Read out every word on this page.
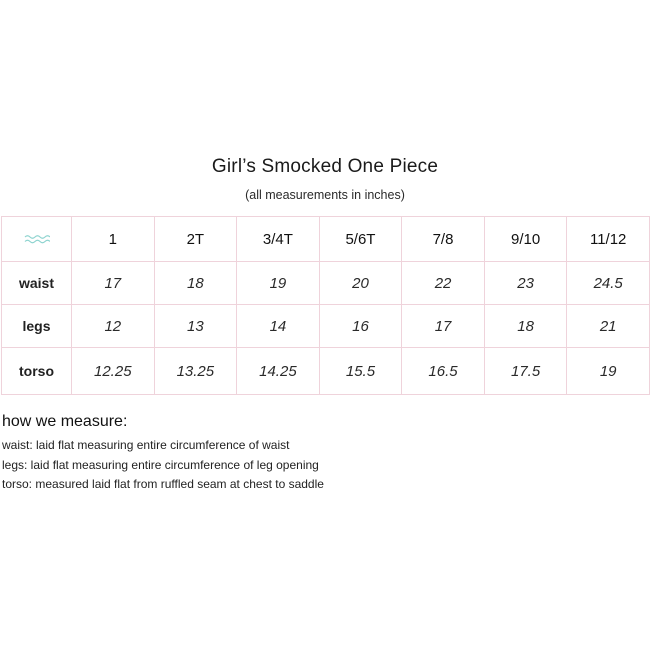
Girl’s Smocked One Piece
(all measurements in inches)
	1	2T	3/4T	5/6T	7/8	9/10	11/12
waist	17	18	19	20	22	23	24.5
legs	12	13	14	16	17	18	21
torso	12.25	13.25	14.25	15.5	16.5	17.5	19
how we measure:
waist: laid flat measuring entire circumference of waist
legs: laid flat measuring entire circumference of leg opening
torso: measured laid flat from ruffled seam at chest to saddle
